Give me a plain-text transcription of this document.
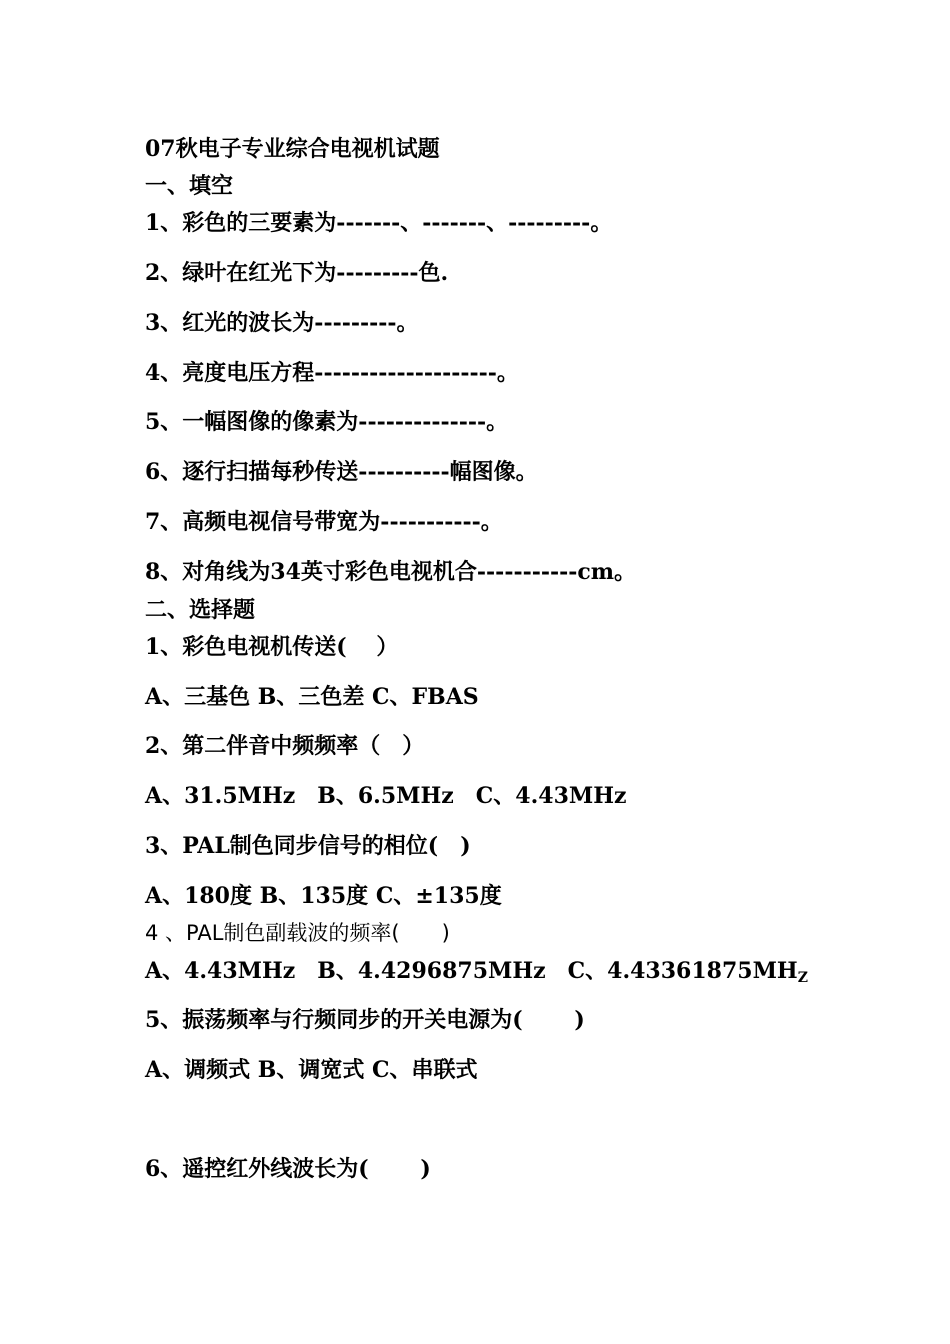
07秋电子专业综合电视机试题
一、填空
1、彩色的三要素为-------、-------、---------。
2、绿叶在红光下为---------色.
3、红光的波长为---------。
4、亮度电压方程--------------------。
5、一幅图像的像素为--------------。
6、逐行扫描每秒传送----------幅图像。
7、高频电视信号带宽为-----------。
8、对角线为34英寸彩色电视机合-----------cm。
二、选择题
1、彩色电视机传送(　 ）
A、三基色 B、三色差 C、FBAS
2、第二伴音中频频率（　）
A、31.5MHz　B、6.5MHz　C、4.43MHz
3、PAL制色同步信号的相位(　)
A、180度 B、135度 C、±135度
4 、PAL制色副载波的频率(　　)
A、4.43MHz　B、4.4296875MHz　C、$4.43361875MH_Z$
5、振荡频率与行频同步的开关电源为(　　 )
A、调频式 B、调宽式 C、串联式
6、遥控红外线波长为(　　 )
